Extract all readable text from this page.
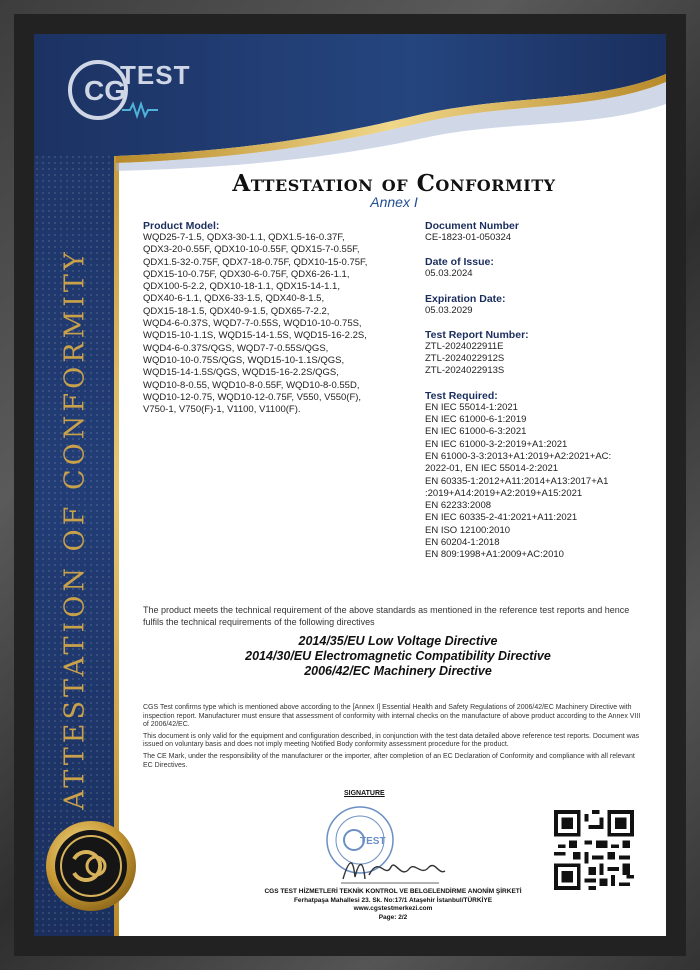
ATTESTATION OF CONFORMITY
CG
TEST
Attestation of Conformity
Annex I
Product Model:
WQD25-7-1.5, QDX3-30-1.1, QDX1.5-16-0.37F,
QDX3-20-0.55F, QDX10-10-0.55F, QDX15-7-0.55F,
QDX1.5-32-0.75F, QDX7-18-0.75F, QDX10-15-0.75F,
QDX15-10-0.75F, QDX30-6-0.75F, QDX6-26-1.1,
QDX100-5-2.2, QDX10-18-1.1, QDX15-14-1.1,
QDX40-6-1.1, QDX6-33-1.5, QDX40-8-1.5,
QDX15-18-1.5, QDX40-9-1.5, QDX65-7-2.2,
WQD4-6-0.37S, WQD7-7-0.55S, WQD10-10-0.75S,
WQD15-10-1.1S, WQD15-14-1.5S, WQD15-16-2.2S,
WQD4-6-0.37S/QGS, WQD7-7-0.55S/QGS,
WQD10-10-0.75S/QGS, WQD15-10-1.1S/QGS,
WQD15-14-1.5S/QGS, WQD15-16-2.2S/QGS,
WQD10-8-0.55, WQD10-8-0.55F, WQD10-8-0.55D,
WQD10-12-0.75, WQD10-12-0.75F, V550, V550(F),
V750-1, V750(F)-1, V1100, V1100(F).
Document Number
CE-1823-01-050324
Date of Issue:
05.03.2024
Expiration Date:
05.03.2029
Test Report Number:
ZTL-2024022911E
ZTL-2024022912S
ZTL-2024022913S
Test Required:
EN IEC 55014-1:2021
EN IEC 61000-6-1:2019
EN IEC 61000-6-3:2021
EN IEC 61000-3-2:2019+A1:2021
EN 61000-3-3:2013+A1:2019+A2:2021+AC:
2022-01, EN IEC 55014-2:2021
EN 60335-1:2012+A11:2014+A13:2017+A1
:2019+A14:2019+A2:2019+A15:2021
EN 62233:2008
EN IEC 60335-2-41:2021+A11:2021
EN ISO 12100:2010
EN 60204-1:2018
EN 809:1998+A1:2009+AC:2010
The product meets the technical requirement of the above standards as mentioned in the reference test reports and hence fulfils the technical requirements of the following directives
2014/35/EU Low Voltage Directive
2014/30/EU Electromagnetic Compatibility Directive
2006/42/EC Machinery Directive

CGS Test confirms type which is mentioned above according to the [Annex I] Essential Health and Safety Regulations of 2006/42/EC Machinery Directive with inspection report. Manufacturer must ensure that assessment of conformity with internal checks on the manufacture of above product according to the Annex VIII of 2006/42/EC.

This document is only valid for the equipment and configuration described, in conjunction with the test data detailed above reference test reports. Document was issued on voluntary basis and does not imply meeting Notified Body conformity assessment procedure for the product.

The CE Mark, under the responsibility of the manufacturer or the importer, after completion of an EC Declaration of Conformity and compliance with all relevant EC Directives.

SIGNATURE
TEST
CGS TEST HİZMETLERİ TEKNİK KONTROL VE BELGELENDİRME ANONİM ŞİRKETİ
Ferhatpaşa Mahallesi 23. Sk. No:17/1 Ataşehir İstanbul/TÜRKİYE
www.cgstestmerkezi.com
Page: 2/2
